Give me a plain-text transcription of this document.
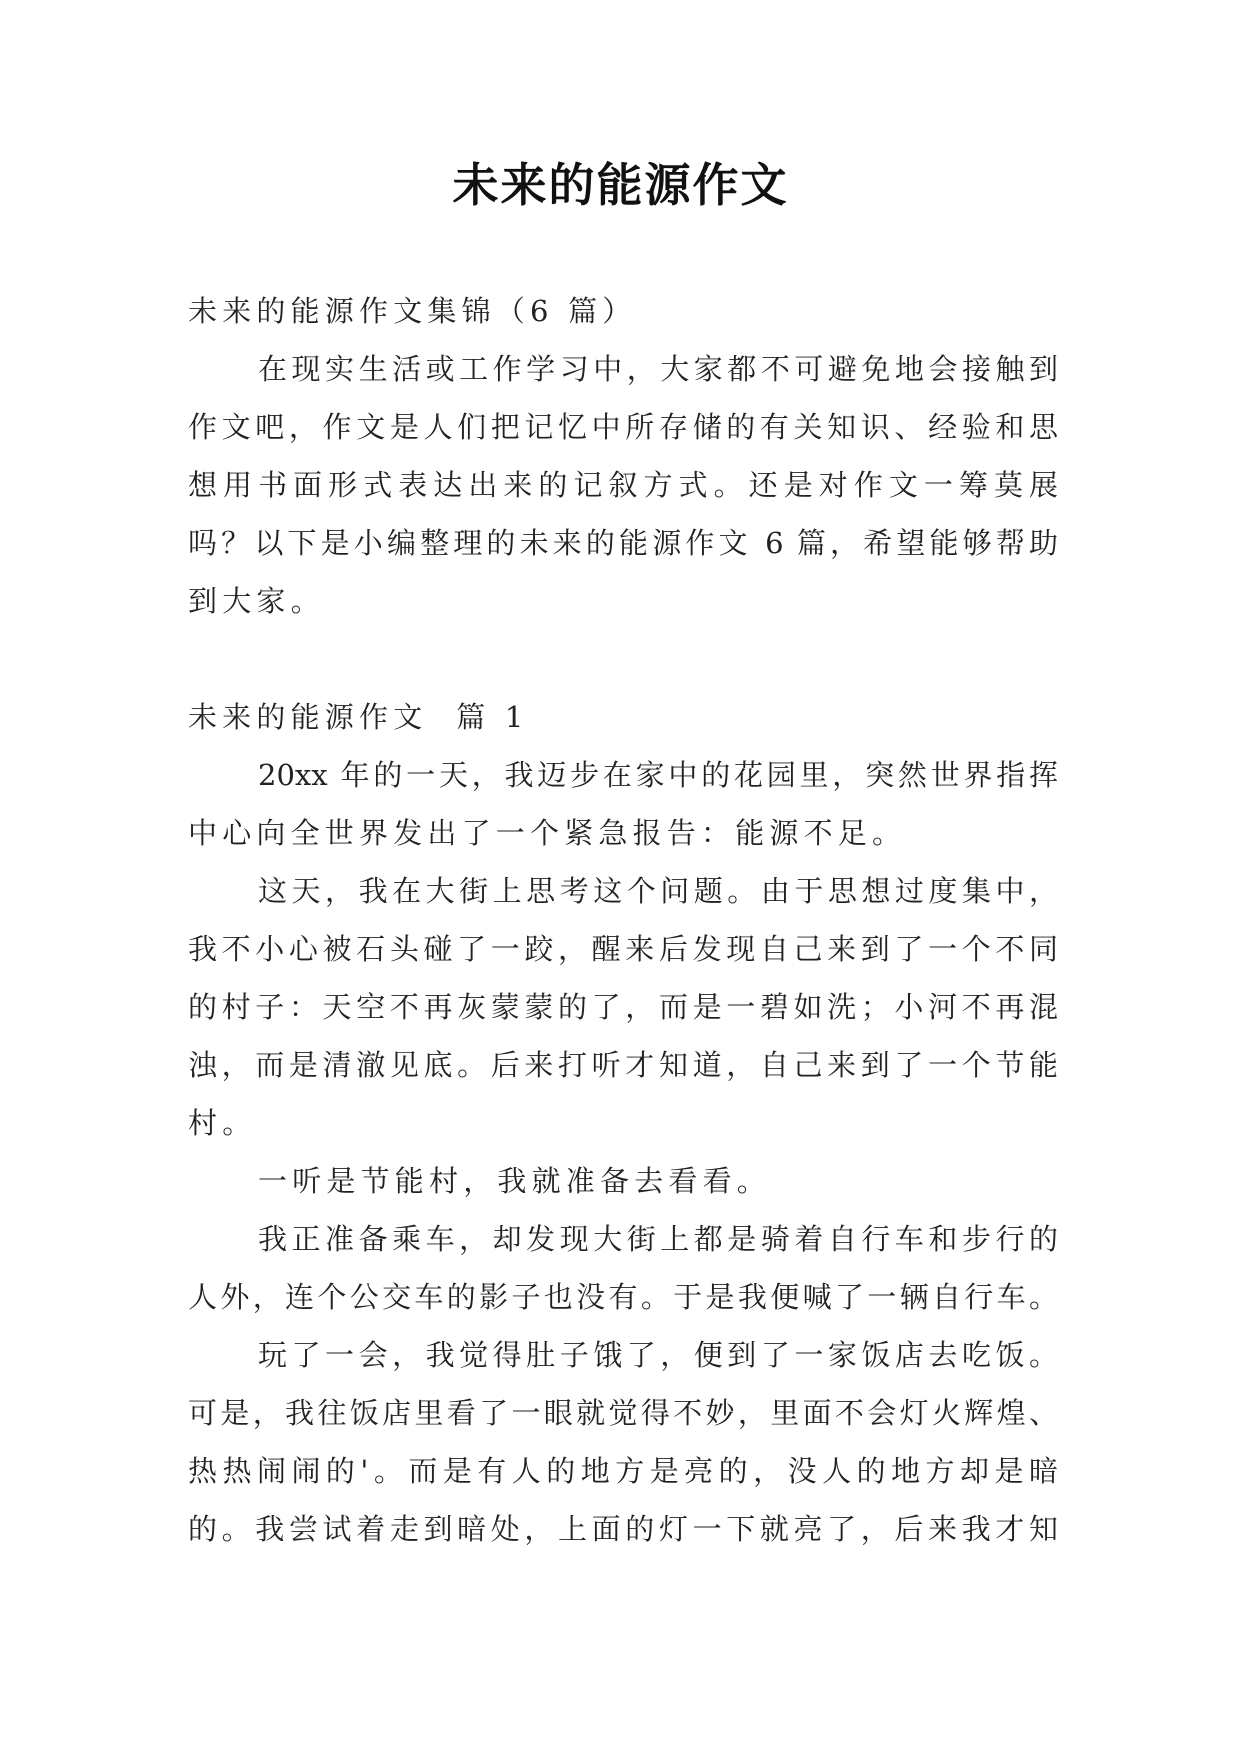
未来的能源作文
未来的能源作文集锦（6 篇）
在现实生活或工作学习中，大家都不可避免地会接触到
作文吧，作文是人们把记忆中所存储的有关知识、经验和思
想用书面形式表达出来的记叙方式。还是对作文一筹莫展
吗？以下是小编整理的未来的能源作文 6 篇，希望能够帮助
到大家。
未来的能源作文  篇 1
20xx 年的一天，我迈步在家中的花园里，突然世界指挥
中心向全世界发出了一个紧急报告：能源不足。
这天，我在大街上思考这个问题。由于思想过度集中，
我不小心被石头碰了一跤，醒来后发现自己来到了一个不同
的村子：天空不再灰蒙蒙的了，而是一碧如洗；小河不再混
浊，而是清澈见底。后来打听才知道，自己来到了一个节能
村。
一听是节能村，我就准备去看看。
我正准备乘车，却发现大街上都是骑着自行车和步行的
人外，连个公交车的影子也没有。于是我便喊了一辆自行车。
玩了一会，我觉得肚子饿了，便到了一家饭店去吃饭。
可是，我往饭店里看了一眼就觉得不妙，里面不会灯火辉煌、
热热闹闹的'。而是有人的地方是亮的，没人的地方却是暗
的。我尝试着走到暗处，上面的灯一下就亮了，后来我才知
